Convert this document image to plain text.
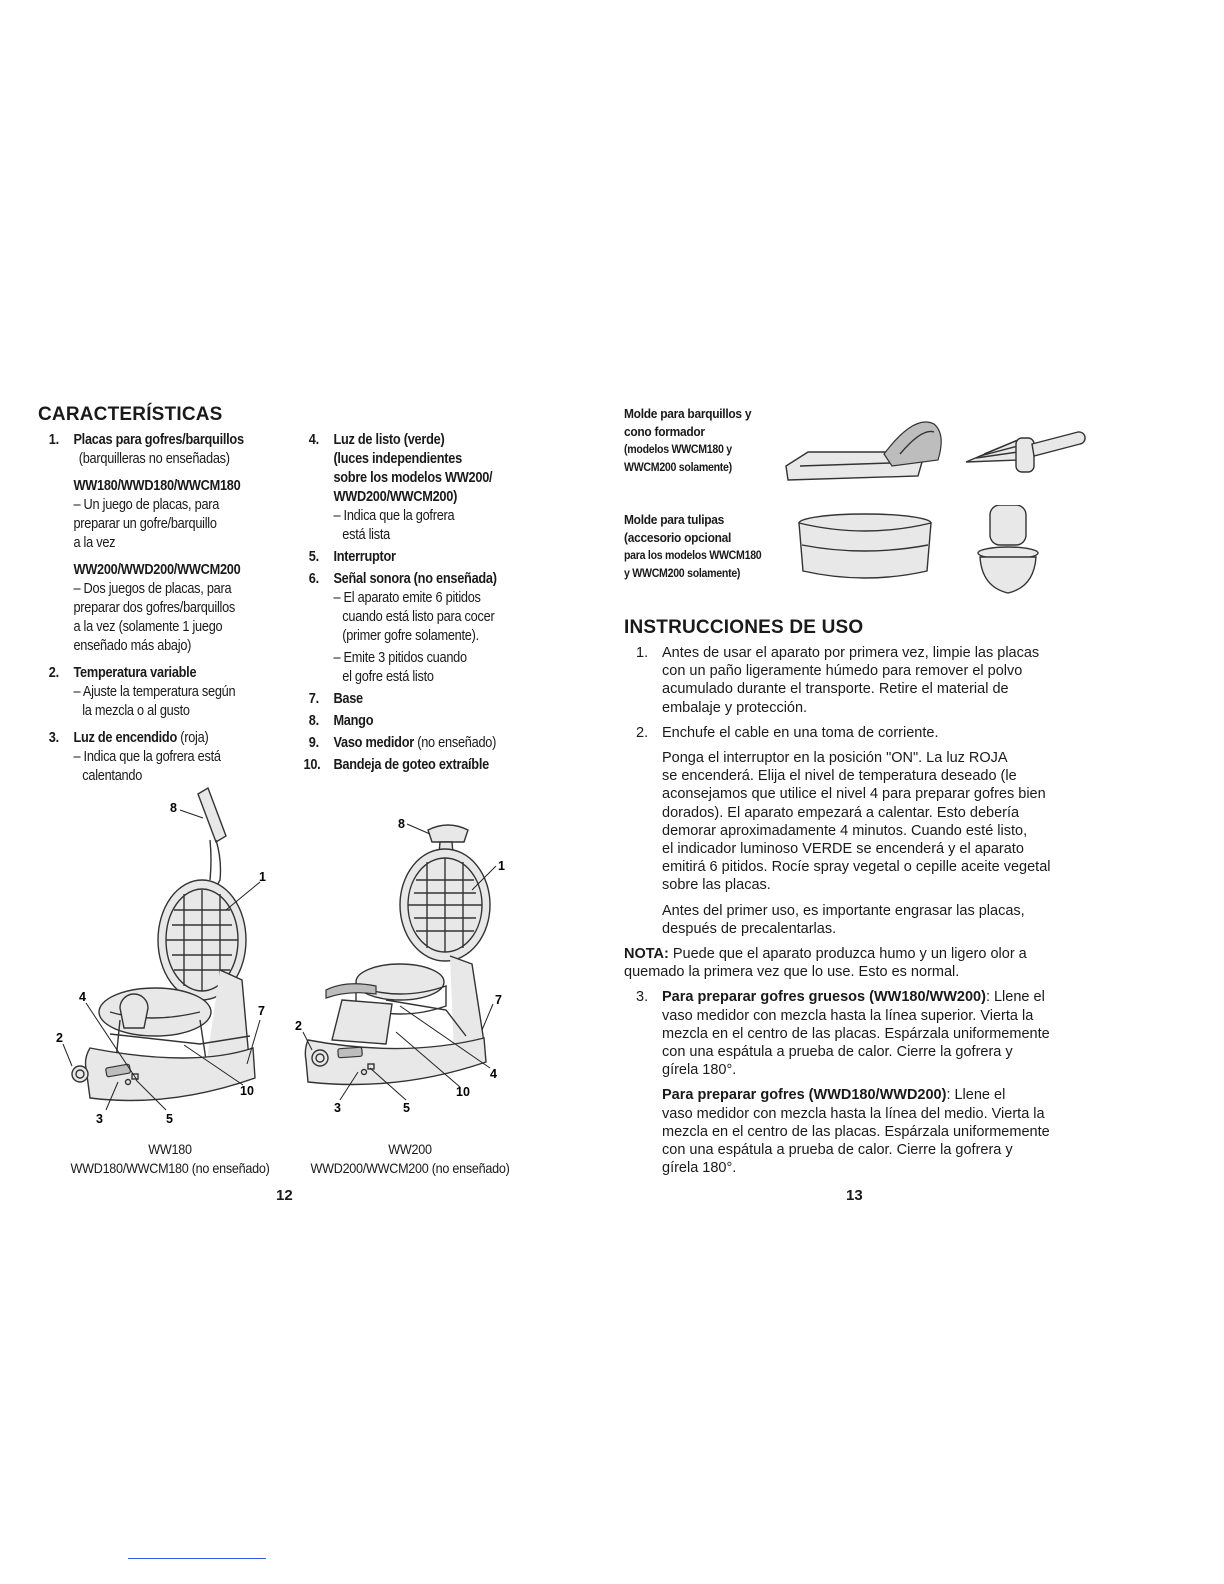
CARACTERÍSTICAS
1. Placas para gofres/barquillos
(barquilleras no enseñadas)
WW180/WWD180/WWCM180
– Un juego de placas, para
preparar un gofre/barquillo
a la vez
WW200/WWD200/WWCM200
– Dos juegos de placas, para
preparar dos gofres/barquillos
a la vez (solamente 1 juego
enseñado más abajo)
2. Temperatura variable
– Ajuste la temperatura según
la mezcla o al gusto
3. Luz de encendido (roja)
– Indica que la gofrera está
calentando
4. Luz de listo (verde)
(luces independientes
sobre los modelos WW200/
WWD200/WWCM200)
– Indica que la gofrera
está lista
5. Interruptor
6. Señal sonora (no enseñada)
– El aparato emite 6 pitidos
cuando está listo para cocer
(primer gofre solamente).
– Emite 3 pitidos cuando
el gofre está listo
7. Base
8. Mango
9. Vaso medidor (no enseñado)
10. Bandeja de goteo extraíble
8
1
4
7
2
10
3	5
8
1
7
2
4
10
3	5
WW180
WWD180/WWCM180 (no enseñado)
WW200
WWD200/WWCM200 (no enseñado)
12
Molde para barquillos y
cono formador
(modelos WWCM180 y
WWCM200 solamente)
Molde para tulipas
(accesorio opcional
para los modelos WWCM180
y WWCM200 solamente)
INSTRUCCIONES DE USO
1. Antes de usar el aparato por primera vez, limpie las placas
con un paño ligeramente húmedo para remover el polvo
acumulado durante el transporte. Retire el material de
embalaje y protección.
2. Enchufe el cable en una toma de corriente.
Ponga el interruptor en la posición "ON". La luz ROJA
se encenderá. Elija el nivel de temperatura deseado (le
aconsejamos que utilice el nivel 4 para preparar gofres bien
dorados). El aparato empezará a calentar. Esto debería
demorar aproximadamente 4 minutos. Cuando esté listo,
el indicador luminoso VERDE se encenderá y el aparato
emitirá 6 pitidos. Rocíe spray vegetal o cepille aceite vegetal
sobre las placas.
Antes del primer uso, es importante engrasar las placas,
después de precalentarlas.
NOTA: Puede que el aparato produzca humo y un ligero olor a
quemado la primera vez que lo use. Esto es normal.
3. Para preparar gofres gruesos (WW180/WW200): Llene el
vaso medidor con mezcla hasta la línea superior. Vierta la
mezcla en el centro de las placas. Espárzala uniformemente
con una espátula a prueba de calor. Cierre la gofrera y
gírela 180°.
Para preparar gofres (WWD180/WWD200): Llene el
vaso medidor con mezcla hasta la línea del medio. Vierta la
mezcla en el centro de las placas. Espárzala uniformemente
con una espátula a prueba de calor. Cierre la gofrera y
gírela 180°.
13
